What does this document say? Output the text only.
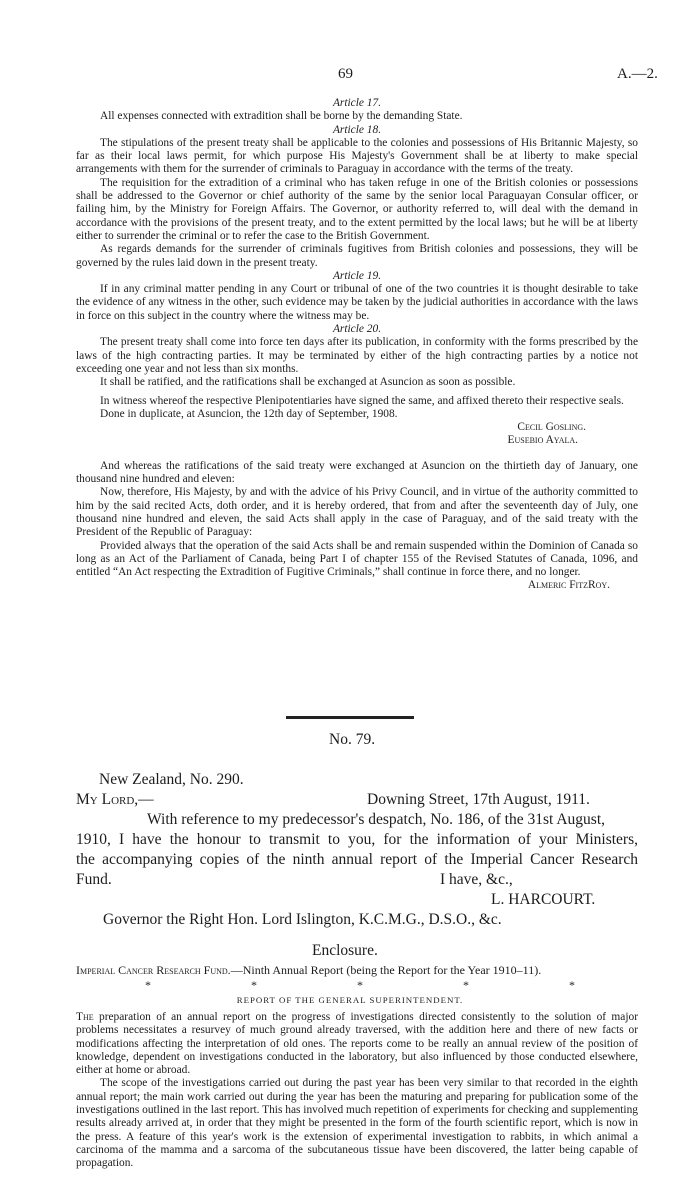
69	A.—2.

Article 17.

All expenses connected with extradition shall be borne by the demanding State.

Article 18.

The stipulations of the present treaty shall be applicable to the colonies and possessions of His Britannic Majesty, so far as their local laws permit, for which purpose His Majesty's Government shall be at liberty to make special arrangements with them for the surrender of criminals to Paraguay in accordance with the terms of the treaty.

The requisition for the extradition of a criminal who has taken refuge in one of the British colonies or possessions shall be addressed to the Governor or chief authority of the same by the senior local Paraguayan Consular officer, or failing him, by the Ministry for Foreign Affairs. The Governor, or authority referred to, will deal with the demand in accordance with the provisions of the present treaty, and to the extent permitted by the local laws; but he will be at liberty either to surrender the criminal or to refer the case to the British Government.

As regards demands for the surrender of criminals fugitives from British colonies and possessions, they will be governed by the rules laid down in the present treaty.

Article 19.

If in any criminal matter pending in any Court or tribunal of one of the two countries it is thought desirable to take the evidence of any witness in the other, such evidence may be taken by the judicial authorities in accordance with the laws in force on this subject in the country where the witness may be.

Article 20.

The present treaty shall come into force ten days after its publication, in conformity with the forms prescribed by the laws of the high contracting parties. It may be terminated by either of the high contracting parties by a notice not exceeding one year and not less than six months.

It shall be ratified, and the ratifications shall be exchanged at Asuncion as soon as possible.

In witness whereof the respective Plenipotentiaries have signed the same, and affixed thereto their respective seals.

Done in duplicate, at Asuncion, the 12th day of September, 1908.

Cecil Gosling.

Eusebio Ayala.

And whereas the ratifications of the said treaty were exchanged at Asuncion on the thirtieth day of January, one thousand nine hundred and eleven:

Now, therefore, His Majesty, by and with the advice of his Privy Council, and in virtue of the authority committed to him by the said recited Acts, doth order, and it is hereby ordered, that from and after the seventeenth day of July, one thousand nine hundred and eleven, the said Acts shall apply in the case of Paraguay, and of the said treaty with the President of the Republic of Paraguay:

Provided always that the operation of the said Acts shall be and remain suspended within the Dominion of Canada so long as an Act of the Parliament of Canada, being Part I of chapter 155 of the Revised Statutes of Canada, 1096, and entitled “An Act respecting the Extradition of Fugitive Criminals,” shall continue in force there, and no longer.

Almeric FitzRoy.

No. 79.
New Zealand, No. 290.
My Lord,—	Downing Street, 17th August, 1911.
With reference to my predecessor's despatch, No. 186, of the 31st August,
1910, I have the honour to transmit to you, for the information of your Ministers,
the accompanying copies of the ninth annual report of the Imperial Cancer Research
Fund.	I have, &c.,
L. HARCOURT.
Governor the Right Hon. Lord Islington, K.C.M.G., D.S.O., &c.
Enclosure.
Imperial Cancer Research Fund.—Ninth Annual Report (being the Report for the Year 1910–11).
*	*	*	*	*
REPORT OF THE GENERAL SUPERINTENDENT.

The preparation of an annual report on the progress of investigations directed consistently to the solution of major problems necessitates a resurvey of much ground already traversed, with the addition here and there of new facts or modifications affecting the interpretation of old ones. The reports come to be really an annual review of the position of knowledge, dependent on investigations conducted in the laboratory, but also influenced by those conducted elsewhere, either at home or abroad.

The scope of the investigations carried out during the past year has been very similar to that recorded in the eighth annual report; the main work carried out during the year has been the maturing and preparing for publication some of the investigations outlined in the last report. This has involved much repetition of experiments for checking and supplementing results already arrived at, in order that they might be presented in the form of the fourth scientific report, which is now in the press. A feature of this year's work is the extension of experimental investigation to rabbits, in which animal a carcinoma of the mamma and a sarcoma of the subcutaneous tissue have been discovered, the latter being capable of propagation.
